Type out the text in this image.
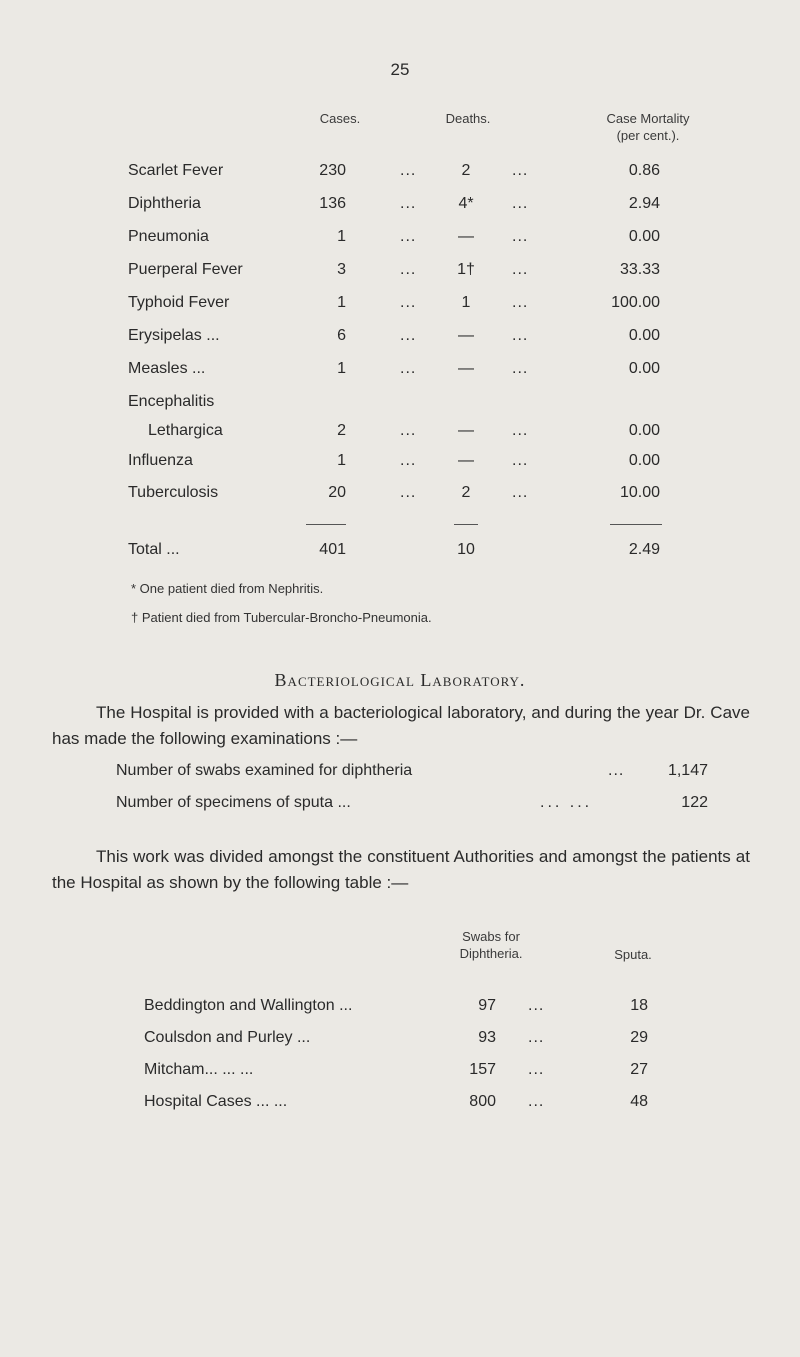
25
Cases.	Deaths.	Case Mortality
(per cent.).
Scarlet Fever	230	...	2	...	0.86
Diphtheria	136	...	4* ...	2.94
Pneumonia	1	...	— ...	0.00
Puerperal Fever	3	...	1† ...	33.33
Typhoid Fever	1	...	1	...	100.00
Erysipelas ...	6	...	— ...	0.00
Measles ...	1	...	— ...	0.00
Encephalitis
Lethargica	2	...	— ...	0.00
Influenza	1	...	— ...	0.00
Tuberculosis	20	...	2	...	10.00
Total ...	401	10	2.49
* One patient died from Nephritis.
† Patient died from Tubercular-Broncho-Pneumonia.
Bacteriological Laboratory.
The Hospital is provided with a bacteriological laboratory, and during the year Dr. Cave has made the following examinations :—
Number of swabs examined for diphtheria	...	1,147
Number of specimens of sputa ...	... ...	122
This work was divided amongst the constituent Authorities and amongst the patients at the Hospital as shown by the following table :—
Swabs for
Diphtheria.	Sputa.
Beddington and Wallington ...	97 ...	18
Coulsdon and Purley ...	93 ...	29
Mitcham... ... ...	157 ...	27
Hospital Cases ... ...	800 ...	48
